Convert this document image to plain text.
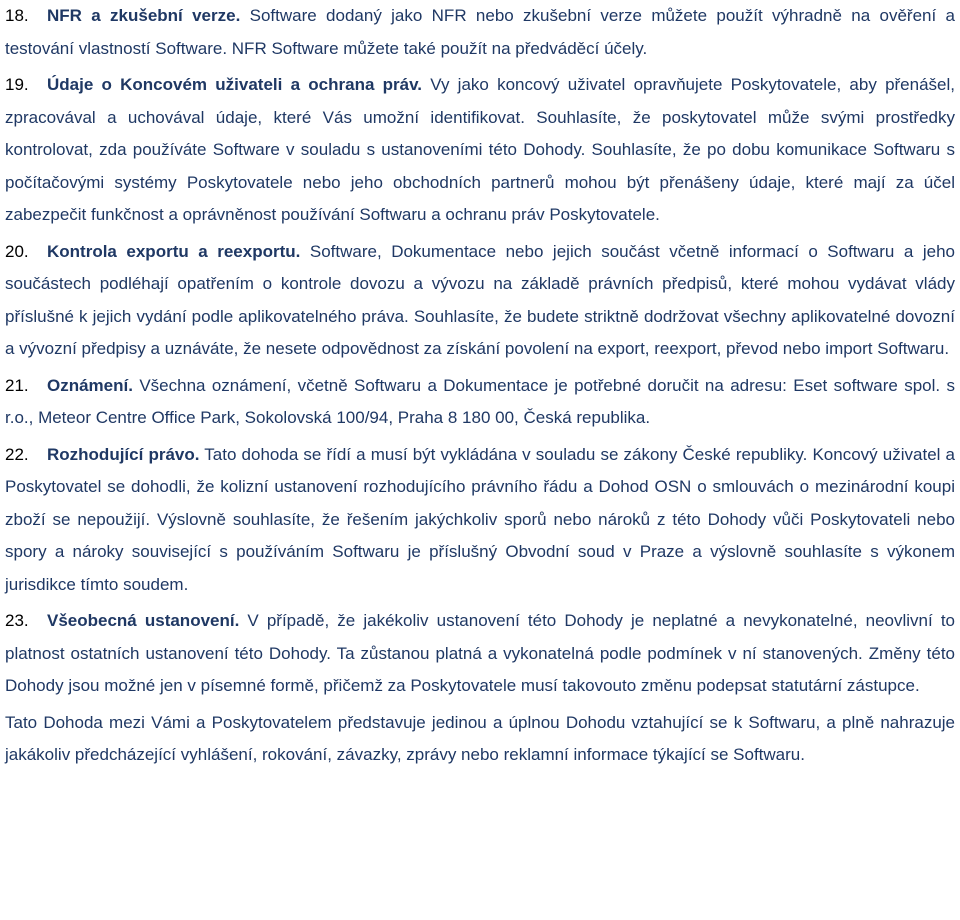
18. NFR a zkušební verze. Software dodaný jako NFR nebo zkušební verze můžete použít výhradně na ověření a testování vlastností Software. NFR Software můžete také použít na předváděcí účely.

19. Údaje o Koncovém uživateli a ochrana práv. Vy jako koncový uživatel opravňujete Poskytovatele, aby přenášel, zpracovával a uchovával údaje, které Vás umožní identifikovat. Souhlasíte, že poskytovatel může svými prostředky kontrolovat, zda používáte Software v souladu s ustanoveními této Dohody. Souhlasíte, že po dobu komunikace Softwaru s počítačovými systémy Poskytovatele nebo jeho obchodních partnerů mohou být přenášeny údaje, které mají za účel zabezpečit funkčnost a oprávněnost používání Softwaru a ochranu práv Poskytovatele.

20. Kontrola exportu a reexportu. Software, Dokumentace nebo jejich součást včetně informací o Softwaru a jeho součástech podléhají opatřením o kontrole dovozu a vývozu na základě právních předpisů, které mohou vydávat vlády příslušné k jejich vydání podle aplikovatelného práva. Souhlasíte, že budete striktně dodržovat všechny aplikovatelné dovozní a vývozní předpisy a uznáváte, že nesete odpovědnost za získání povolení na export, reexport, převod nebo import Softwaru.

21. Oznámení. Všechna oznámení, včetně Softwaru a Dokumentace je potřebné doručit na adresu: Eset software spol. s r.o., Meteor Centre Office Park, Sokolovská 100/94, Praha 8 180 00, Česká republika.

22. Rozhodující právo. Tato dohoda se řídí a musí být vykládána v souladu se zákony České republiky. Koncový uživatel a Poskytovatel se dohodli, že kolizní ustanovení rozhodujícího právního řádu a Dohod OSN o smlouvách o mezinárodní koupi zboží se nepoužijí. Výslovně souhlasíte, že řešením jakýchkoliv sporů nebo nároků z této Dohody vůči Poskytovateli nebo spory a nároky související s používáním Softwaru je příslušný Obvodní soud v Praze a výslovně souhlasíte s výkonem jurisdikce tímto soudem.

23. Všeobecná ustanovení. V případě, že jakékoliv ustanovení této Dohody je neplatné a nevykonatelné, neovlivní to platnost ostatních ustanovení této Dohody. Ta zůstanou platná a vykonatelná podle podmínek v ní stanovených. Změny této Dohody jsou možné jen v písemné formě, přičemž za Poskytovatele musí takovouto změnu podepsat statutární zástupce.

Tato Dohoda mezi Vámi a Poskytovatelem představuje jedinou a úplnou Dohodu vztahující se k Softwaru, a plně nahrazuje jakákoliv předcházející vyhlášení, rokování, závazky, zprávy nebo reklamní informace týkající se Softwaru.
